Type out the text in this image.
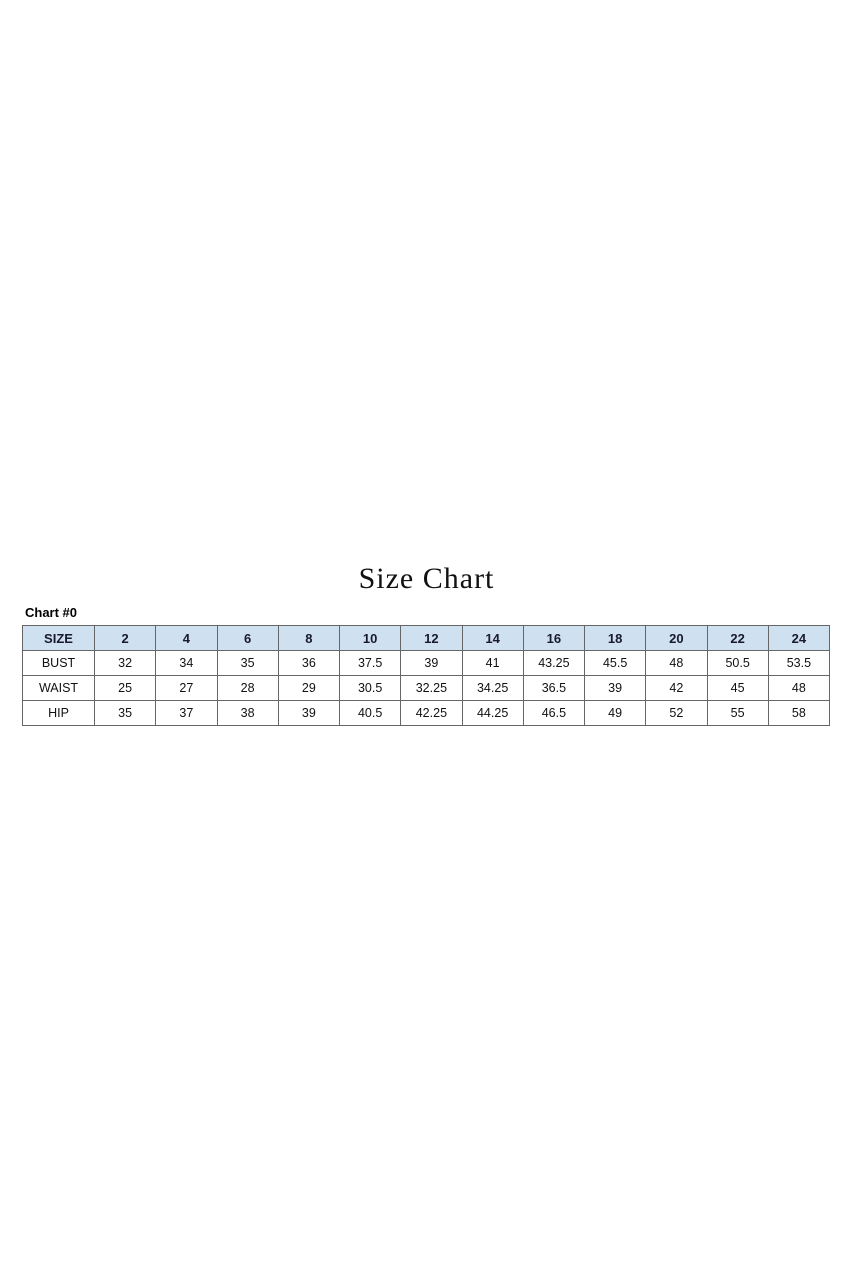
Size Chart
Chart #0
SIZE	2	4	6	8	10	12	14	16	18	20	22	24
BUST	32	34	35	36	37.5	39	41	43.25	45.5	48	50.5	53.5
WAIST	25	27	28	29	30.5	32.25	34.25	36.5	39	42	45	48
HIP	35	37	38	39	40.5	42.25	44.25	46.5	49	52	55	58
